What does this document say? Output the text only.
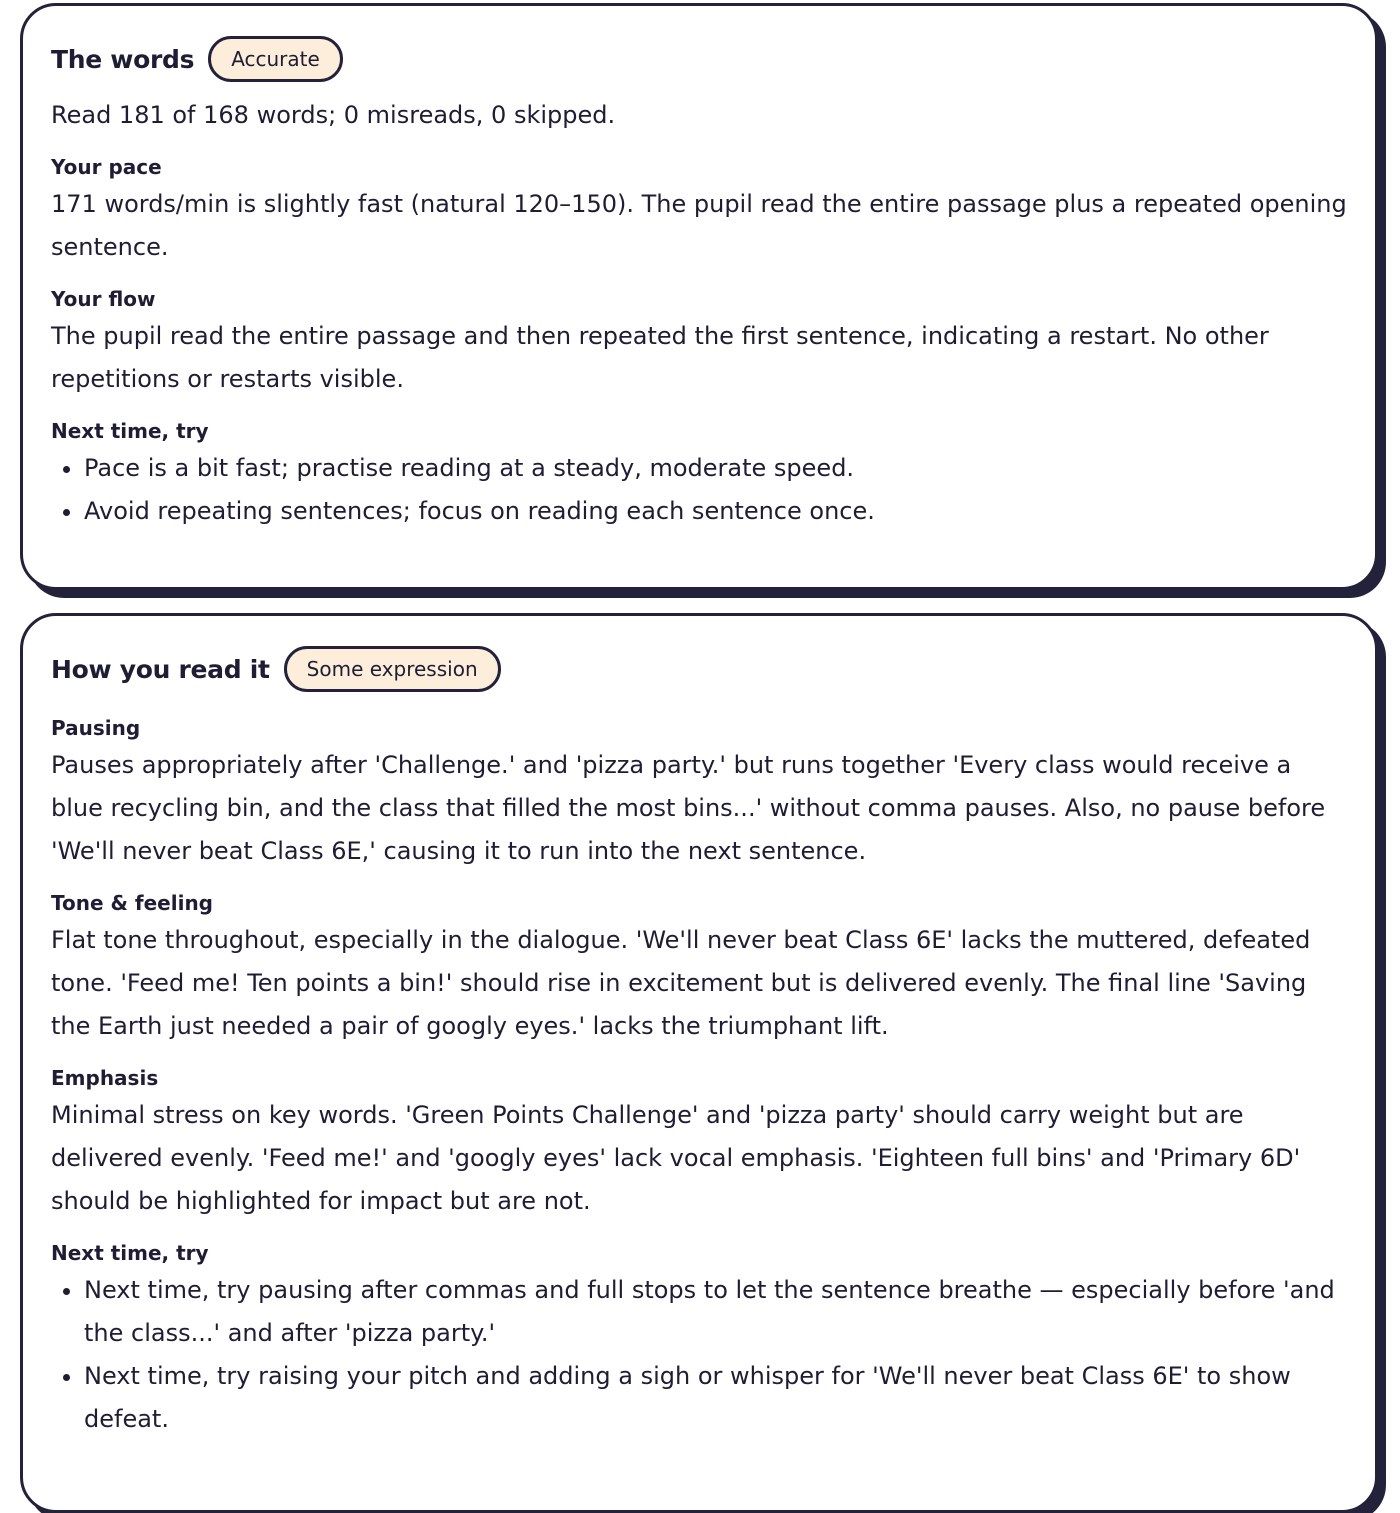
The words	Accurate

Read 181 of 168 words; 0 misreads, 0 skipped.

Your pace

171 words/min is slightly fast (natural 120–150). The pupil read the entire passage plus a repeated opening sentence.

Your flow

The pupil read the entire passage and then repeated the first sentence, indicating a restart. No other repetitions or restarts visible.

Next time, try
• Pace is a bit fast; practise reading at a steady, moderate speed.
• Avoid repeating sentences; focus on reading each sentence once.
How you read it	Some expression
Pausing

Pauses appropriately after 'Challenge.' and 'pizza party.' but runs together 'Every class would receive a blue recycling bin, and the class that filled the most bins...' without comma pauses. Also, no pause before 'We'll never beat Class 6E,' causing it to run into the next sentence.

Tone & feeling

Flat tone throughout, especially in the dialogue. 'We'll never beat Class 6E' lacks the muttered, defeated tone. 'Feed me! Ten points a bin!' should rise in excitement but is delivered evenly. The final line 'Saving the Earth just needed a pair of googly eyes.' lacks the triumphant lift.

Emphasis

Minimal stress on key words. 'Green Points Challenge' and 'pizza party' should carry weight but are delivered evenly. 'Feed me!' and 'googly eyes' lack vocal emphasis. 'Eighteen full bins' and 'Primary 6D' should be highlighted for impact but are not.

Next time, try
• Next time, try pausing after commas and full stops to let the sentence breathe — especially before 'and the class...' and after 'pizza party.'
• Next time, try raising your pitch and adding a sigh or whisper for 'We'll never beat Class 6E' to show defeat.
